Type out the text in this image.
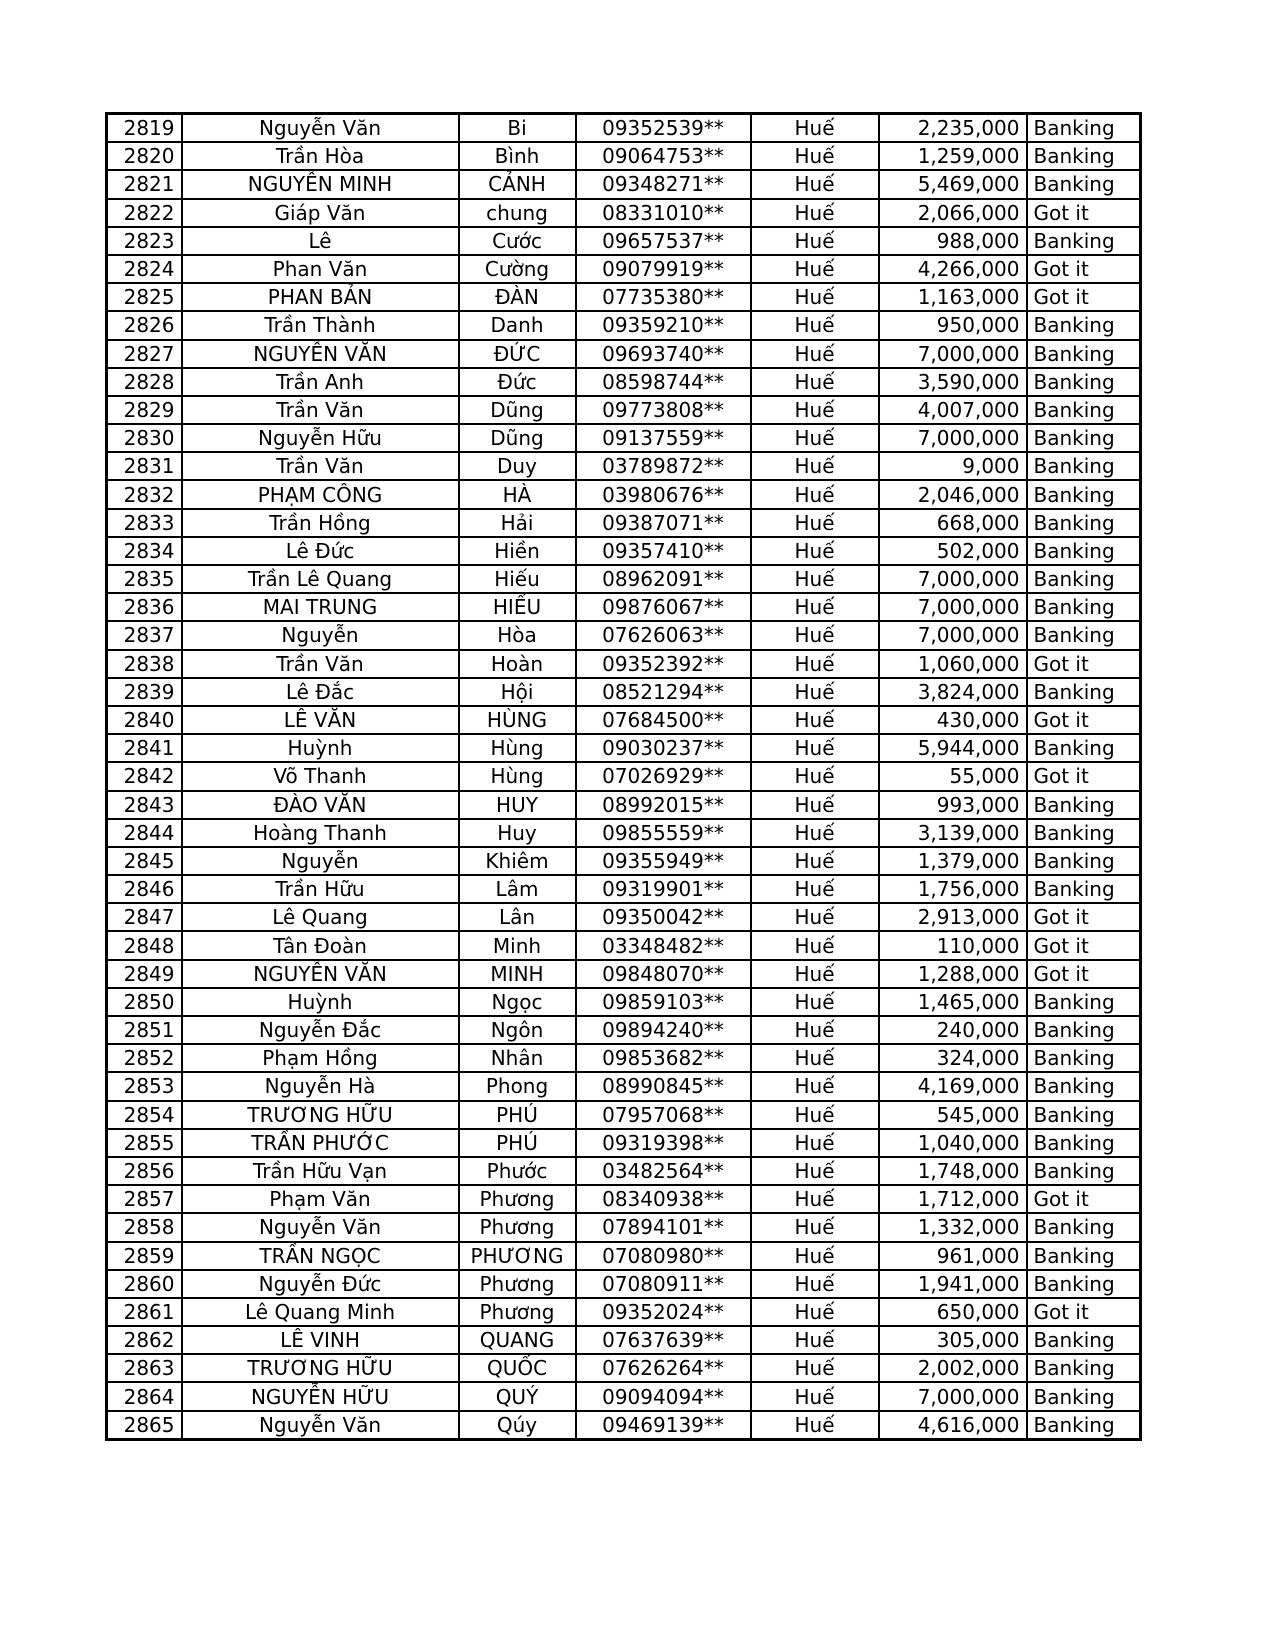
2819	Nguyễn Văn	Bi	09352539**	Huế	2,235,000	Banking
2820	Trần Hòa	Bình	09064753**	Huế	1,259,000	Banking
2821	NGUYỄN MINH	CẢNH	09348271**	Huế	5,469,000	Banking
2822	Giáp Văn	chung	08331010**	Huế	2,066,000	Got it
2823	Lê	Cước	09657537**	Huế	988,000	Banking
2824	Phan Văn	Cường	09079919**	Huế	4,266,000	Got it
2825	PHAN BẢN	ĐÀN	07735380**	Huế	1,163,000	Got it
2826	Trần Thành	Danh	09359210**	Huế	950,000	Banking
2827	NGUYỄN VĂN	ĐỨC	09693740**	Huế	7,000,000	Banking
2828	Trần Anh	Đức	08598744**	Huế	3,590,000	Banking
2829	Trần Văn	Dũng	09773808**	Huế	4,007,000	Banking
2830	Nguyễn Hữu	Dũng	09137559**	Huế	7,000,000	Banking
2831	Trần Văn	Duy	03789872**	Huế	9,000	Banking
2832	PHẠM CÔNG	HÀ	03980676**	Huế	2,046,000	Banking
2833	Trần Hồng	Hải	09387071**	Huế	668,000	Banking
2834	Lê Đức	Hiền	09357410**	Huế	502,000	Banking
2835	Trần Lê Quang	Hiếu	08962091**	Huế	7,000,000	Banking
2836	MAI TRUNG	HIẾU	09876067**	Huế	7,000,000	Banking
2837	Nguyễn	Hòa	07626063**	Huế	7,000,000	Banking
2838	Trần Văn	Hoàn	09352392**	Huế	1,060,000	Got it
2839	Lê Đắc	Hội	08521294**	Huế	3,824,000	Banking
2840	LÊ VĂN	HÙNG	07684500**	Huế	430,000	Got it
2841	Huỳnh	Hùng	09030237**	Huế	5,944,000	Banking
2842	Võ Thanh	Hùng	07026929**	Huế	55,000	Got it
2843	ĐÀO VĂN	HUY	08992015**	Huế	993,000	Banking
2844	Hoàng Thanh	Huy	09855559**	Huế	3,139,000	Banking
2845	Nguyễn	Khiêm	09355949**	Huế	1,379,000	Banking
2846	Trần Hữu	Lâm	09319901**	Huế	1,756,000	Banking
2847	Lê Quang	Lân	09350042**	Huế	2,913,000	Got it
2848	Tân Đoàn	Minh	03348482**	Huế	110,000	Got it
2849	NGUYỄN VĂN	MINH	09848070**	Huế	1,288,000	Got it
2850	Huỳnh	Ngọc	09859103**	Huế	1,465,000	Banking
2851	Nguyễn Đắc	Ngôn	09894240**	Huế	240,000	Banking
2852	Phạm Hồng	Nhân	09853682**	Huế	324,000	Banking
2853	Nguyễn Hà	Phong	08990845**	Huế	4,169,000	Banking
2854	TRƯƠNG HỮU	PHÚ	07957068**	Huế	545,000	Banking
2855	TRẦN PHƯỚC	PHÚ	09319398**	Huế	1,040,000	Banking
2856	Trần Hữu Vạn	Phước	03482564**	Huế	1,748,000	Banking
2857	Phạm Văn	Phương	08340938**	Huế	1,712,000	Got it
2858	Nguyễn Văn	Phương	07894101**	Huế	1,332,000	Banking
2859	TRẦN NGỌC	PHƯƠNG	07080980**	Huế	961,000	Banking
2860	Nguyễn Đức	Phương	07080911**	Huế	1,941,000	Banking
2861	Lê Quang Minh	Phương	09352024**	Huế	650,000	Got it
2862	LÊ VINH	QUANG	07637639**	Huế	305,000	Banking
2863	TRƯƠNG HỮU	QUỐC	07626264**	Huế	2,002,000	Banking
2864	NGUYỄN HỮU	QUÝ	09094094**	Huế	7,000,000	Banking
2865	Nguyễn Văn	Qúy	09469139**	Huế	4,616,000	Banking
